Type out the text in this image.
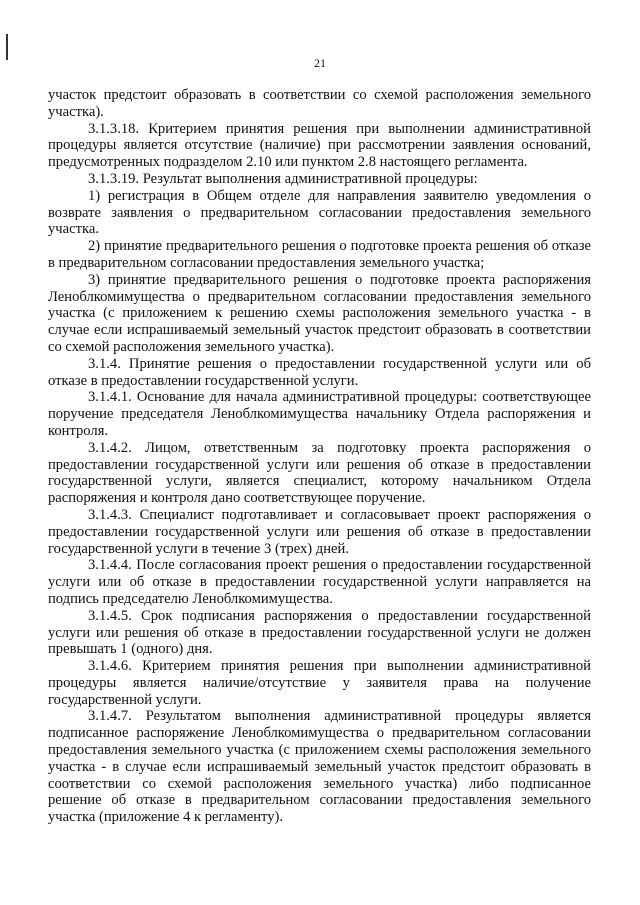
21

участок предстоит образовать в соответствии со схемой расположения земельного участка).

3.1.3.18. Критерием принятия решения при выполнении административной процедуры является отсутствие (наличие) при рассмотрении заявления оснований, предусмотренных подразделом 2.10 или пунктом 2.8 настоящего регламента.

3.1.3.19. Результат выполнения административной процедуры:

1) регистрация в Общем отделе для направления заявителю уведомления о возврате заявления о предварительном согласовании предоставления земельного участка.

2) принятие предварительного решения о подготовке проекта решения об отказе в предварительном согласовании предоставления земельного участка;

3) принятие предварительного решения о подготовке проекта распоряжения Леноблкомимущества о предварительном согласовании предоставления земельного участка (с приложением к решению схемы расположения земельного участка - в случае если испрашиваемый земельный участок предстоит образовать в соответствии со схемой расположения земельного участка).

3.1.4. Принятие решения о предоставлении государственной услуги или об отказе в предоставлении государственной услуги.

3.1.4.1. Основание для начала административной процедуры: соответствующее поручение председателя Леноблкомимущества начальнику Отдела распоряжения и контроля.

3.1.4.2. Лицом, ответственным за подготовку проекта распоряжения о предоставлении государственной услуги или решения об отказе в предоставлении государственной услуги, является специалист, которому начальником Отдела распоряжения и контроля дано соответствующее поручение.

3.1.4.3. Специалист подготавливает и согласовывает проект распоряжения о предоставлении государственной услуги или решения об отказе в предоставлении государственной услуги в течение 3 (трех) дней.

3.1.4.4. После согласования проект решения о предоставлении государственной услуги или об отказе в предоставлении государственной услуги направляется на подпись председателю Леноблкомимущества.

3.1.4.5. Срок подписания распоряжения о предоставлении государственной услуги или решения об отказе в предоставлении государственной услуги не должен превышать 1 (одного) дня.

3.1.4.6. Критерием принятия решения при выполнении административной процедуры является наличие/отсутствие у заявителя права на получение государственной услуги.

3.1.4.7. Результатом выполнения административной процедуры является подписанное распоряжение Леноблкомимущества о предварительном согласовании предоставления земельного участка (с приложением схемы расположения земельного участка - в случае если испрашиваемый земельный участок предстоит образовать в соответствии со схемой расположения земельного участка) либо подписанное решение об отказе в предварительном согласовании предоставления земельного участка (приложение 4 к регламенту).
